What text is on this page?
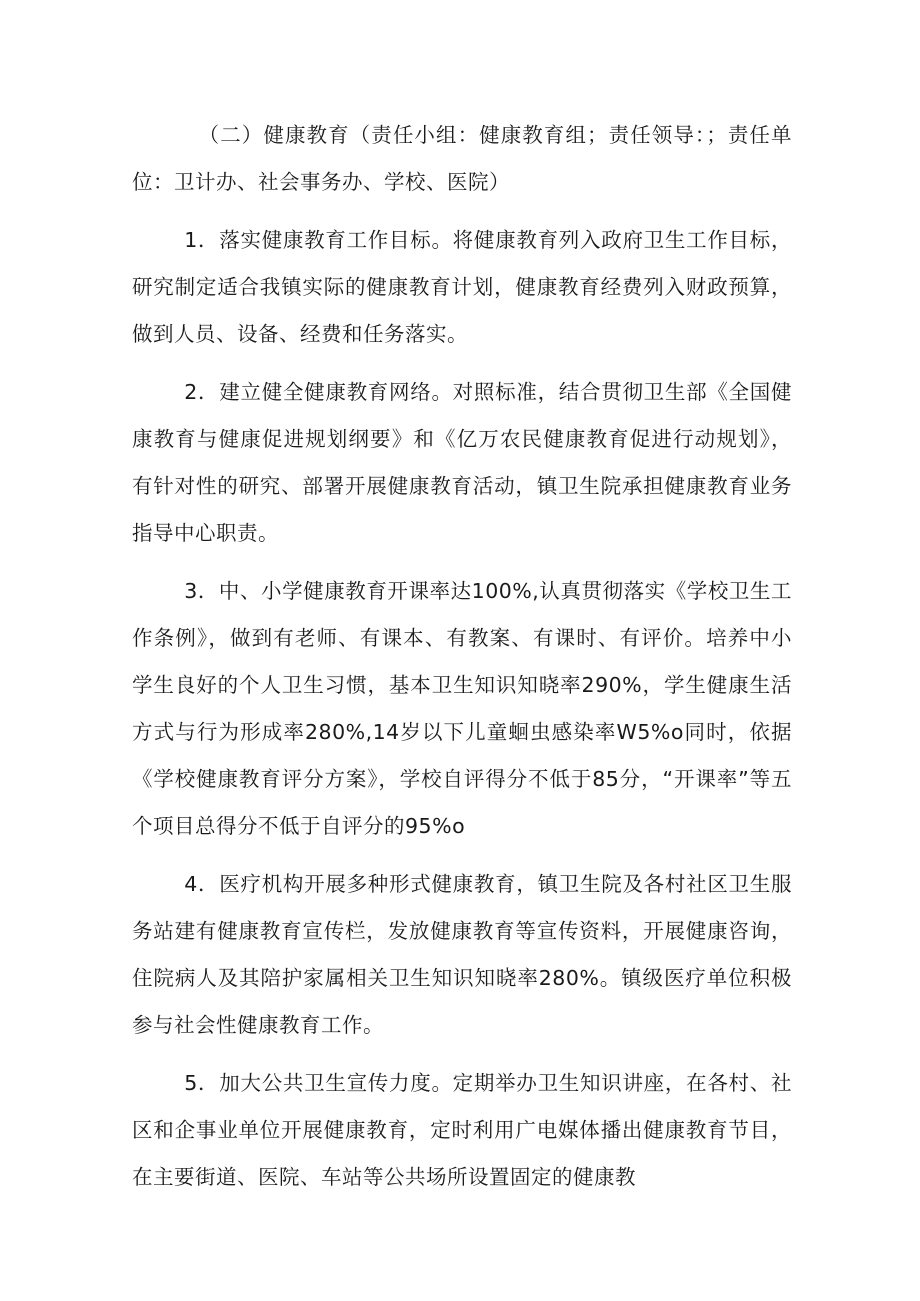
（二）健康教育（责任小组：健康教育组；责任领导：；责任单位：卫计办、社会事务办、学校、医院）

1．落实健康教育工作目标。将健康教育列入政府卫生工作目标，研究制定适合我镇实际的健康教育计划，健康教育经费列入财政预算，做到人员、设备、经费和任务落实。

2．建立健全健康教育网络。对照标准，结合贯彻卫生部《全国健康教育与健康促进规划纲要》和《亿万农民健康教育促进行动规划》，有针对性的研究、部署开展健康教育活动，镇卫生院承担健康教育业务指导中心职责。

3．中、小学健康教育开课率达100%,认真贯彻落实《学校卫生工作条例》，做到有老师、有课本、有教案、有课时、有评价。培养中小学生良好的个人卫生习惯，基本卫生知识知晓率290%，学生健康生活方式与行为形成率280%,14岁以下儿童蛔虫感染率W5%o同时，依据《学校健康教育评分方案》，学校自评得分不低于85分，“开课率”等五个项目总得分不低于自评分的95%o

4．医疗机构开展多种形式健康教育，镇卫生院及各村社区卫生服务站建有健康教育宣传栏，发放健康教育等宣传资料，开展健康咨询，住院病人及其陪护家属相关卫生知识知晓率280%。镇级医疗单位积极参与社会性健康教育工作。

5．加大公共卫生宣传力度。定期举办卫生知识讲座，在各村、社区和企事业单位开展健康教育，定时利用广电媒体播出健康教育节目，在主要街道、医院、车站等公共场所设置固定的健康教
